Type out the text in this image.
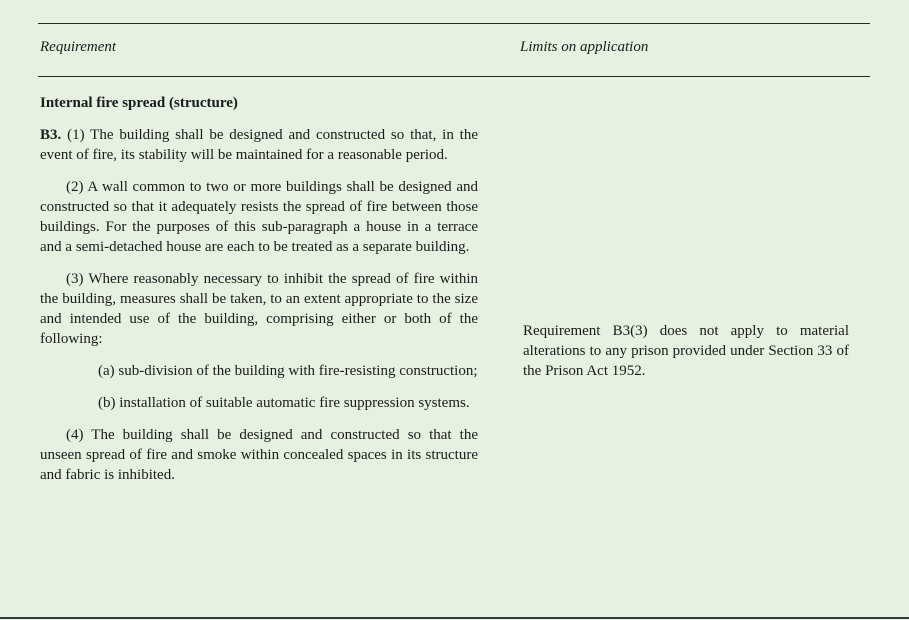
Requirement	Limits on application

Internal fire spread (structure)

B3. (1) The building shall be designed and constructed so that, in the event of fire, its stability will be maintained for a reasonable period.

(2) A wall common to two or more buildings shall be designed and constructed so that it adequately resists the spread of fire between those buildings. For the purposes of this sub-paragraph a house in a terrace and a semi-detached house are each to be treated as a separate building.

(3) Where reasonably necessary to inhibit the spread of fire within the building, measures shall be taken, to an extent appropriate to the size and intended use of the building, comprising either or both of the following:

(a) sub-division of the building with fire-resisting construction;

(b) installation of suitable automatic fire suppression systems.

(4) The building shall be designed and constructed so that the unseen spread of fire and smoke within concealed spaces in its structure and fabric is inhibited.

Requirement B3(3) does not apply to material alterations to any prison provided under Section 33 of the Prison Act 1952.
